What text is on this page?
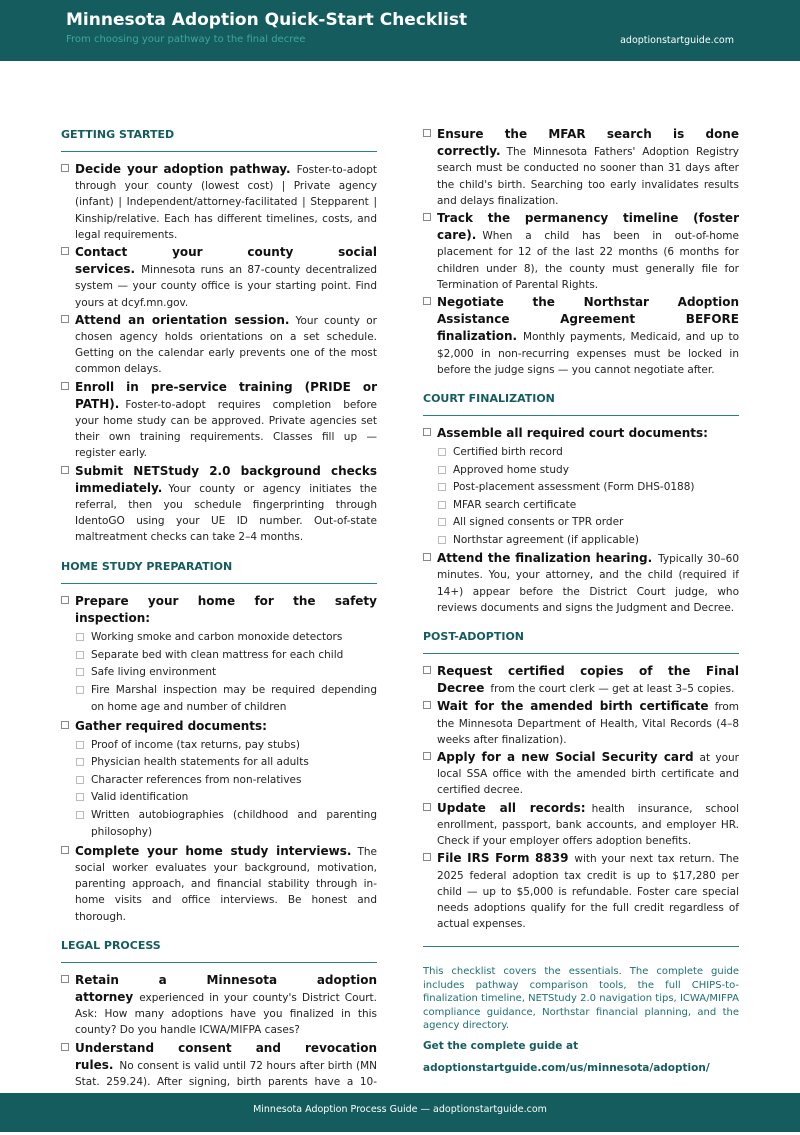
Minnesota Adoption Quick-Start Checklist
From choosing your pathway to the final decree	adoptionstartguide.com
GETTING STARTED
Decide your adoption pathway. Foster-to-adopt through your county (lowest cost) | Private agency (infant) | Independent/attorney-facilitated | Stepparent | Kinship/relative. Each has different timelines, costs, and legal requirements.
Contact your county social services. Minnesota runs an 87-county decentralized system — your county office is your starting point. Find yours at dcyf.mn.gov.
Attend an orientation session. Your county or chosen agency holds orientations on a set schedule. Getting on the calendar early prevents one of the most common delays.
Enroll in pre-service training (PRIDE or PATH). Foster-to-adopt requires completion before your home study can be approved. Private agencies set their own training requirements. Classes fill up — register early.
Submit NETStudy 2.0 background checks immediately. Your county or agency initiates the referral, then you schedule fingerprinting through IdentoGO using your UE ID number. Out-of-state maltreatment checks can take 2–4 months.
HOME STUDY PREPARATION
Prepare your home for the safety inspection:
Working smoke and carbon monoxide detectors
Separate bed with clean mattress for each child
Safe living environment
Fire Marshal inspection may be required depending on home age and number of children
Gather required documents:
Proof of income (tax returns, pay stubs)
Physician health statements for all adults
Character references from non-relatives
Valid identification
Written autobiographies (childhood and parenting philosophy)
Complete your home study interviews. The social worker evaluates your background, motivation, parenting approach, and financial stability through in-home visits and office interviews. Be honest and thorough.
LEGAL PROCESS
Retain a Minnesota adoption attorney experienced in your county's District Court. Ask: How many adoptions have you finalized in this county? Do you handle ICWA/MIFPA cases?
Understand consent and revocation rules. No consent is valid until 72 hours after birth (MN Stat. 259.24). After signing, birth parents have a 10-
Ensure the MFAR search is done correctly. The Minnesota Fathers' Adoption Registry search must be conducted no sooner than 31 days after the child's birth. Searching too early invalidates results and delays finalization.
Track the permanency timeline (foster care). When a child has been in out-of-home placement for 12 of the last 22 months (6 months for children under 8), the county must generally file for Termination of Parental Rights.
Negotiate the Northstar Adoption Assistance Agreement BEFORE finalization. Monthly payments, Medicaid, and up to $2,000 in non-recurring expenses must be locked in before the judge signs — you cannot negotiate after.
COURT FINALIZATION
Assemble all required court documents:
Certified birth record
Approved home study
Post-placement assessment (Form DHS-0188)
MFAR search certificate
All signed consents or TPR order
Northstar agreement (if applicable)
Attend the finalization hearing. Typically 30–60 minutes. You, your attorney, and the child (required if 14+) appear before the District Court judge, who reviews documents and signs the Judgment and Decree.
POST-ADOPTION
Request certified copies of the Final Decree from the court clerk — get at least 3–5 copies.
Wait for the amended birth certificate from the Minnesota Department of Health, Vital Records (4–8 weeks after finalization).
Apply for a new Social Security card at your local SSA office with the amended birth certificate and certified decree.
Update all records: health insurance, school enrollment, passport, bank accounts, and employer HR. Check if your employer offers adoption benefits.
File IRS Form 8839 with your next tax return. The 2025 federal adoption tax credit is up to $17,280 per child — up to $5,000 is refundable. Foster care special needs adoptions qualify for the full credit regardless of actual expenses.
This checklist covers the essentials. The complete guide includes pathway comparison tools, the full CHIPS-to-finalization timeline, NETStudy 2.0 navigation tips, ICWA/MIFPA compliance guidance, Northstar financial planning, and the agency directory.
Get the complete guide at
adoptionstartguide.com/us/minnesota/adoption/
Minnesota Adoption Process Guide — adoptionstartguide.com
